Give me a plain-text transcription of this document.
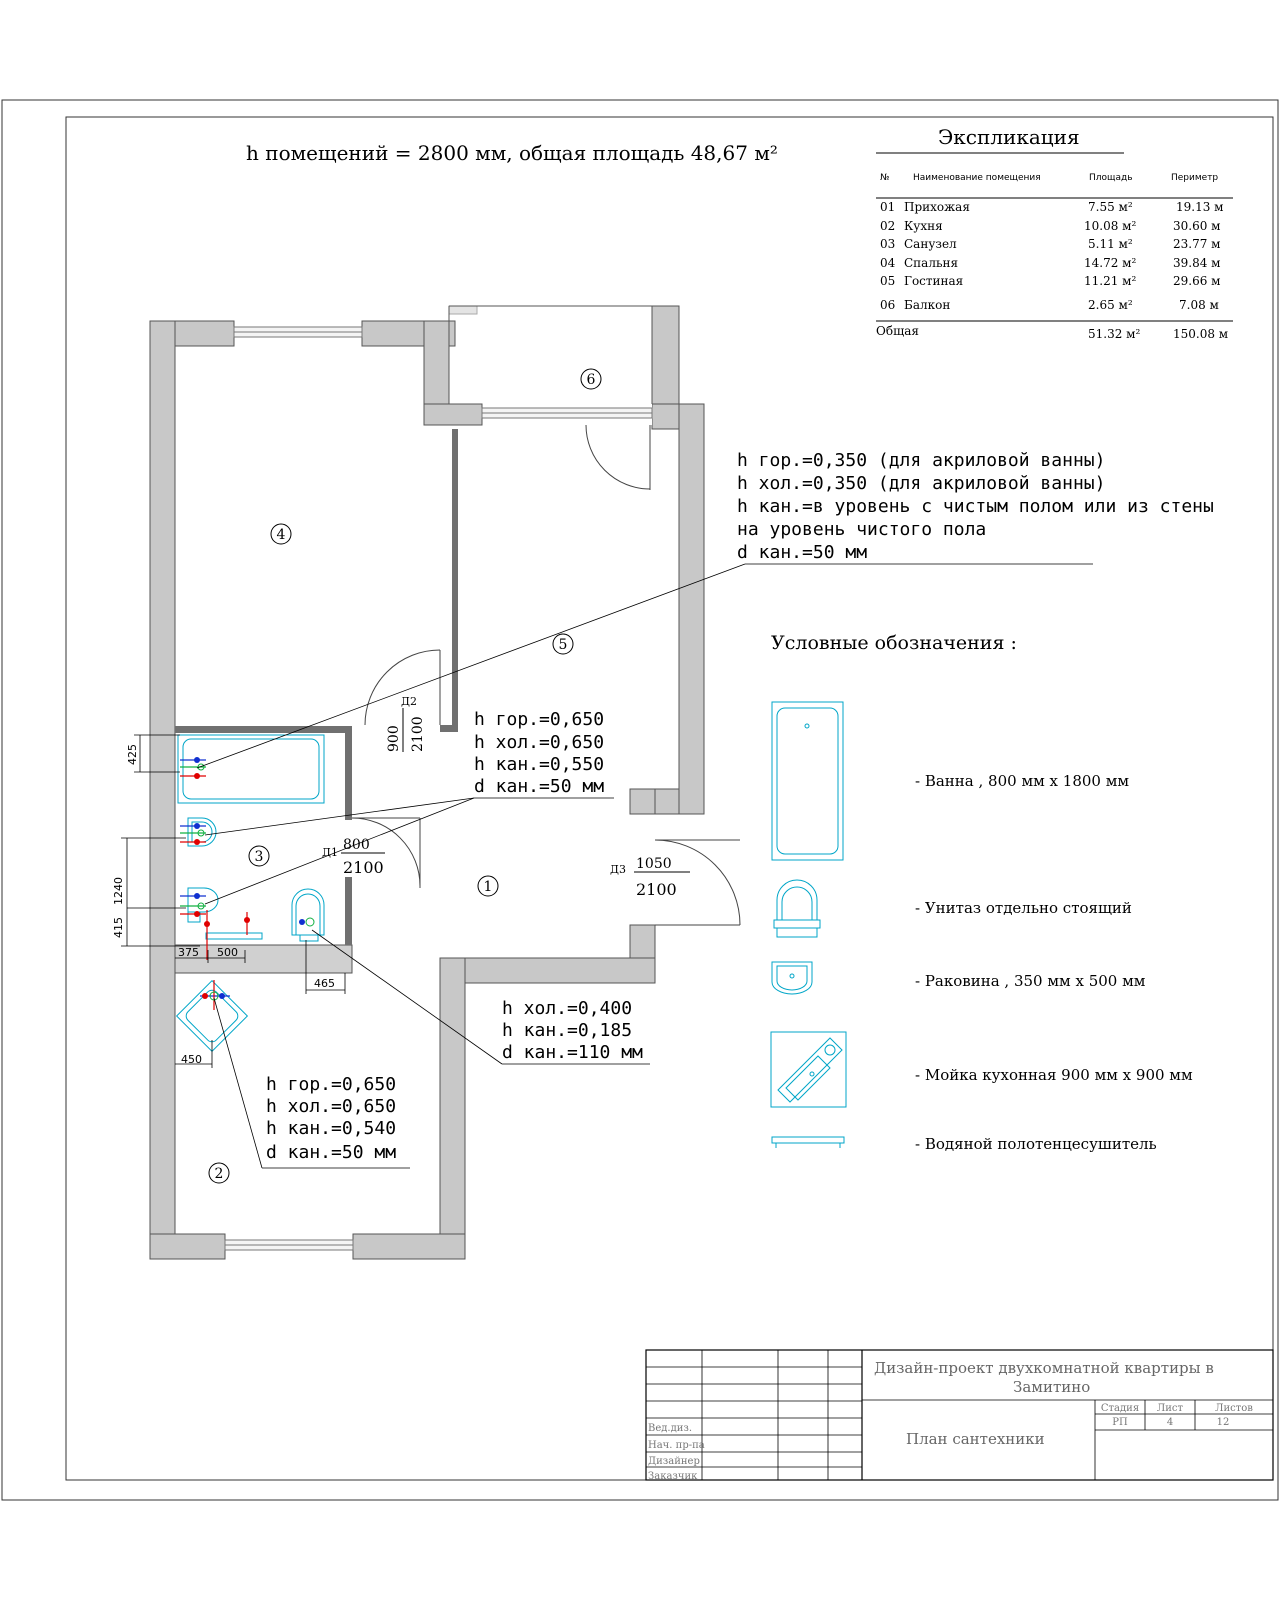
h помещений = 2800 мм, общая площадь 48,67 м²
Экспликация
№	Наименование помещения	Площадь	Периметр
01 Прихожая	7.55 м²	19.13 м
02 Кухня	10.08 м²	30.60 м
03 Санузел	5.11 м²	23.77 м
04 Спальня	14.72 м²	39.84 м
05 Гостиная	11.21 м²	29.66 м
06 Балкон	2.65 м²	7.08 м
Общая	51.32 м²	150.08 м
6
4
5
3
1
2
Д2
900 2100
Д1 800
2100	Д3 1050
2100
425
1240
415
375 500
465
450
h гор.=0,350 (для акриловой ванны)
h хол.=0,350 (для акриловой ванны)
h кан.=в уровень с чистым полом или из стены
на уровень чистого пола
d кан.=50 мм
h гор.=0,650
h хол.=0,650
h кан.=0,550
d кан.=50 мм
h хол.=0,400
h кан.=0,185
d кан.=110 мм
h гор.=0,650
h хол.=0,650
h кан.=0,540
d кан.=50 мм
Условные обозначения :
- Ванна , 800 мм х 1800 мм
- Унитаз отдельно стоящий
- Раковина , 350 мм х 500 мм
- Мойка кухонная 900 мм х 900 мм
- Водяной полотенцесушитель
Дизайн-проект двухкомнатной квартиры в
Замитино
План сантехники
Стадия Лист	Листов
РП	4	12
Вед.диз.
Нач. пр-па
Дизайнер
Заказчик
